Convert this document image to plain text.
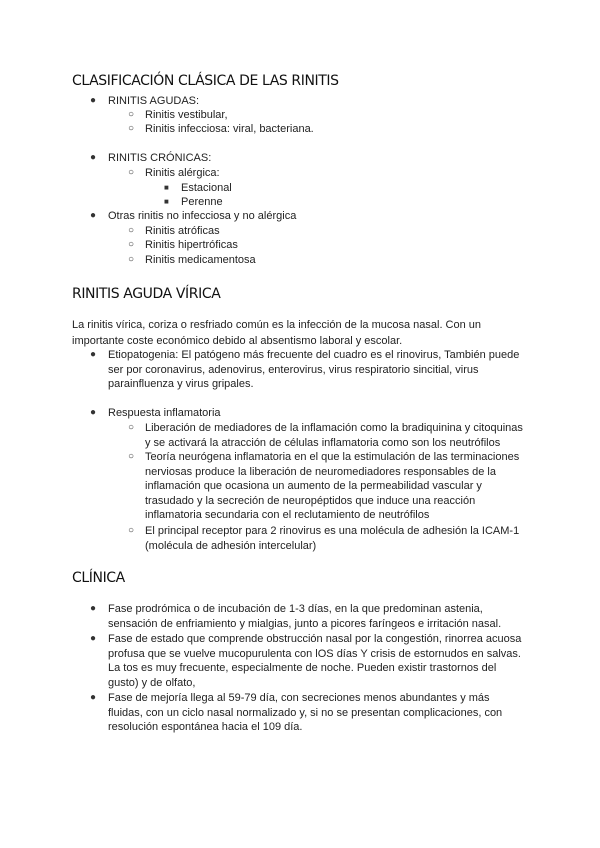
CLASIFICACIÓN CLÁSICA DE LAS RINITIS
● RINITIS AGUDAS:
○ Rinitis vestibular,
○ Rinitis infecciosa: viral, bacteriana.
● RINITIS CRÓNICAS:
○ Rinitis alérgica:
■ Estacional
■ Perenne
● Otras rinitis no infecciosa y no alérgica
○ Rinitis atróficas
○ Rinitis hipertróficas
○ Rinitis medicamentosa
RINITIS AGUDA VÍRICA

La rinitis vírica, coriza o resfriado común es la infección de la mucosa nasal. Con un importante coste económico debido al absentismo laboral y escolar.

● Etiopatogenia: El patógeno más frecuente del cuadro es el rinovirus, También puede ser por coronavirus, adenovirus, enterovirus, virus respiratorio sincitial, virus parainfluenza y virus gripales.

● Respuesta inflamatoria
○ Liberación de mediadores de la inflamación como la bradiquinina y citoquinas y se activará la atracción de células inflamatoria como son los neutrófilos

○ Teoría neurógena inflamatoria en el que la estimulación de las terminaciones nerviosas produce la liberación de neuromediadores responsables de la inflamación que ocasiona un aumento de la permeabilidad vascular y trasudado y la secreción de neuropéptidos que induce una reacción inflamatoria secundaria con el reclutamiento de neutrófilos

○ El principal receptor para 2 rinovirus es una molécula de adhesión la ICAM-1 (molécula de adhesión intercelular)

CLÍNICA
● Fase prodrómica o de incubación de 1-3 días, en la que predominan astenia, sensación de enfriamiento y mialgias, junto a picores faríngeos e irritación nasal.

● Fase de estado que comprende obstrucción nasal por la congestión, rinorrea acuosa profusa que se vuelve mucopurulenta con lOS días Y crisis de estornudos en salvas. La tos es muy frecuente, especialmente de noche. Pueden existir trastornos del gusto) y de olfato,

● Fase de mejoría llega al 59-79 día, con secreciones menos abundantes y más fluidas, con un ciclo nasal normalizado y, si no se presentan complicaciones, con resolución espontánea hacia el 109 día.
